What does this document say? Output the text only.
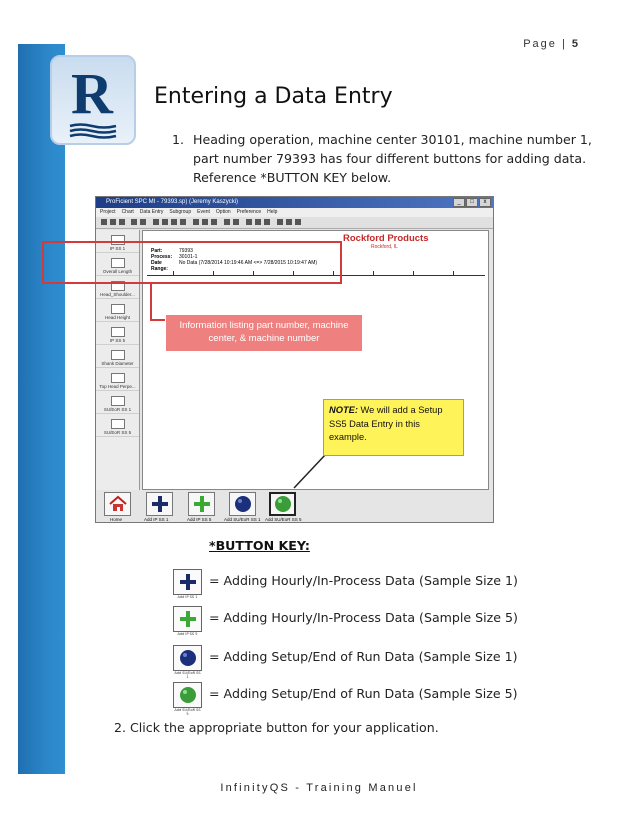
R
Page | 5
Entering a Data Entry
1. Heading operation, machine center 30101, machine number 1, part number 79393 has four different buttons for adding data. Reference *BUTTON KEY below.
ProFicient SPC MI - 79393.sp) (Jeremy Kaszycki)	_	□	x
Project Chart Data Entry Subgroup Event Option Preference Help
IP SS 1
Overall Length
Head_Shoulder...
Head Height
IP SS 5
Shank Diameter
Top Head Perpe...
SU/EoR SS 1
SU/EoR SS 5
Rockford Products
Rockford, IL
Part:	79393
Process:	30101-1
Date Range:
No Data (7/28/2014 10:19:46 AM <=> 7/28/2015 10:19:47 AM)
Home	Add IP SS 1	Add IP SS 5	Add SU/EoR SS 1 Add SU/EoR SS 5
Information listing part number, machine center, & machine number
NOTE: We will add a Setup SS5 Data Entry in this example.
*BUTTON KEY:
Add IP SS 1
= Adding Hourly/In-Process Data (Sample Size 1)
Add IP SS 5
= Adding Hourly/In-Process Data (Sample Size 5)
Add SU/EoR SS 1
= Adding Setup/End of Run Data (Sample Size 1)
Add SU/EoR SS 5
= Adding Setup/End of Run Data (Sample Size 5)
2. Click the appropriate button for your application.
InfinityQS - Training Manuel
